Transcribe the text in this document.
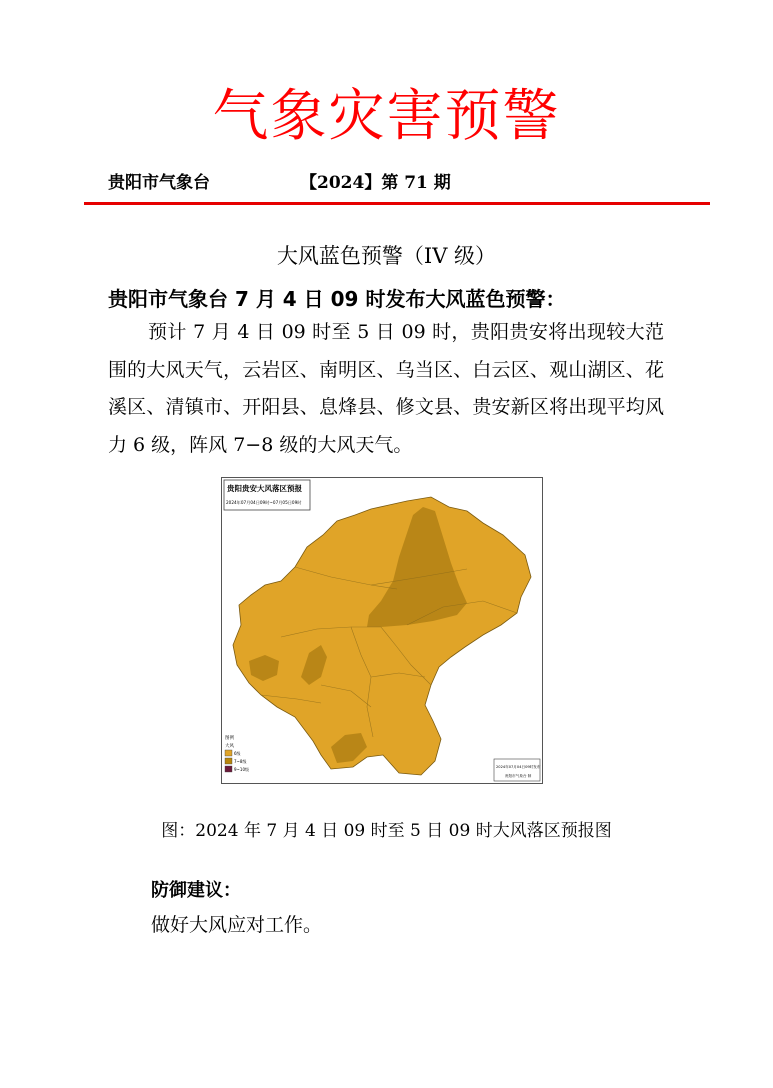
气象灾害预警
贵阳市气象台	【2024】第 71 期
大风蓝色预警（IV 级）
贵阳市气象台 7 月 4 日 09 时发布大风蓝色预警：
预计 7 月 4 日 09 时至 5 日 09 时，贵阳贵安将出现较大范围的大风天气，云岩区、南明区、乌当区、白云区、观山湖区、花溪区、清镇市、开阳县、息烽县、修文县、贵安新区将出现平均风力 6 级，阵风 7−8 级的大风天气。
贵阳贵安大风落区预报
2024年07月04日09时~07月05日09时
图例
大风
6级
7~8级
9~10级	2024年07月04日09时发布
贵阳市气象台 制
图：2024 年 7 月 4 日 09 时至 5 日 09 时大风落区预报图
防御建议：
做好大风应对工作。
